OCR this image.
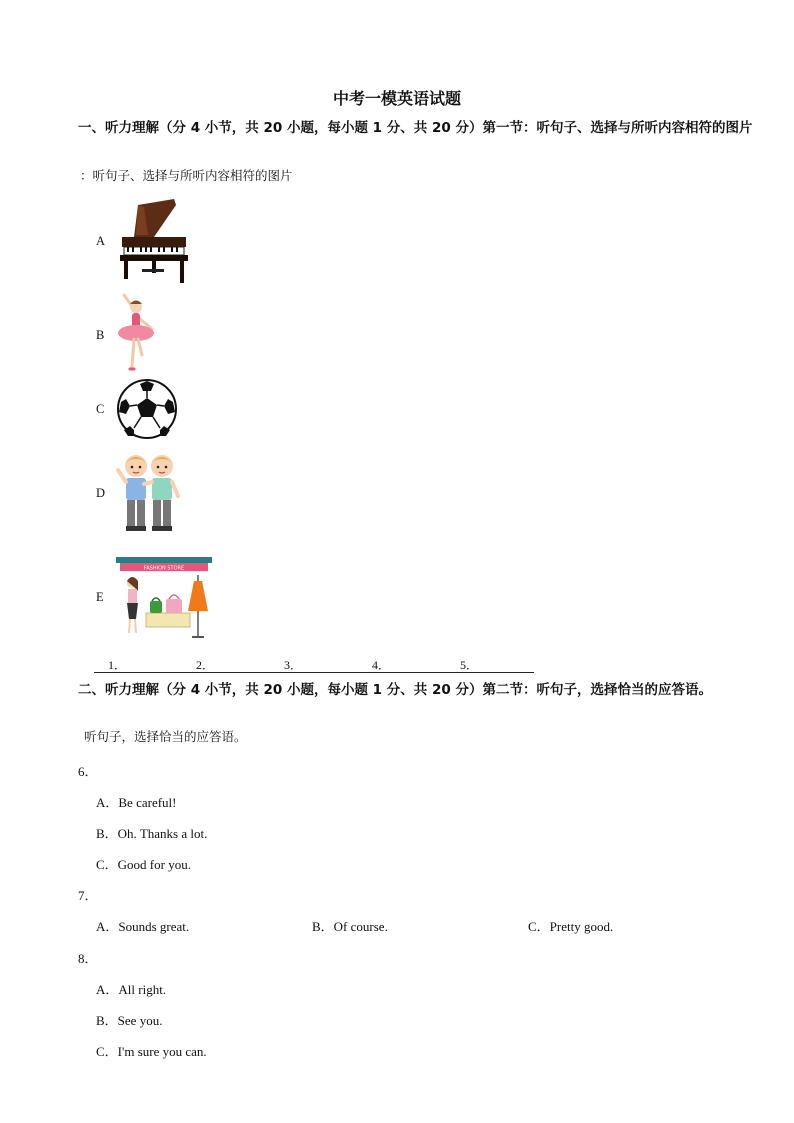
中考一模英语试题
一、听力理解（分 4 小节，共 20 小题，每小题 1 分、共 20 分）第一节：听句子、选择与所听内容相符的图片
：听句子、选择与所听内容相符的图片
A
B
C
D
E
FASHION STORE
1．	2．	3．	4．	5．
二、听力理解（分 4 小节，共 20 小题，每小题 1 分、共 20 分）第二节：听句子，选择恰当的应答语。
听句子，选择恰当的应答语。
6．
A．Be careful!
B．Oh. Thanks a lot.
C．Good for you.
7．
A．Sounds great.	B．Of course.	C．Pretty good.
8．
A．All right.
B．See you.
C．I'm sure you can.
